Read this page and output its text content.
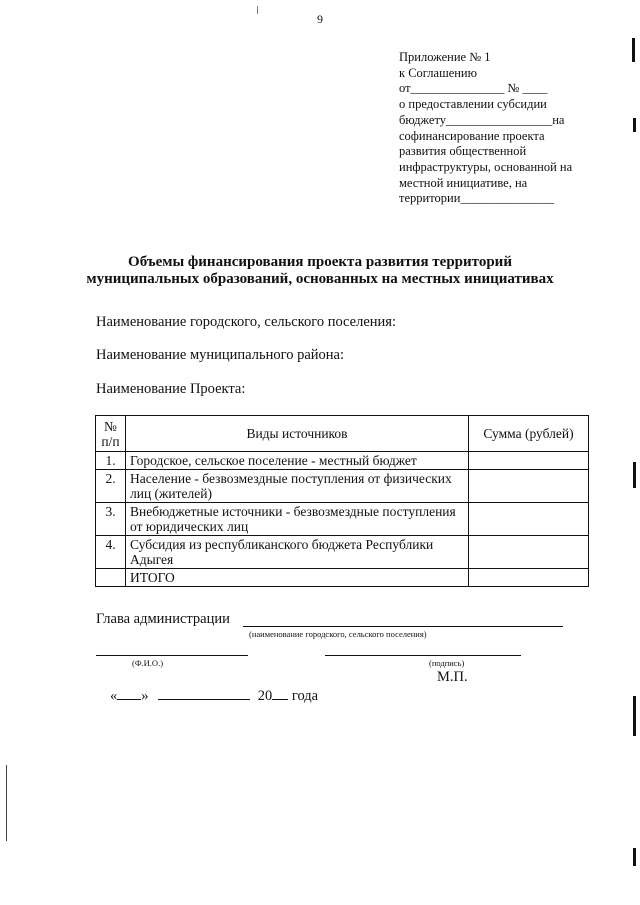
9
Приложение № 1
к Соглашению
от_______________ № ____
о предоставлении субсидии
бюджету_________________на
софинансирование проекта
развития общественной
инфраструктуры, основанной на
местной инициативе, на
территории_______________
Объемы финансирования проекта развития территорий
муниципальных образований, основанных на местных инициативах
Наименование городского, сельского поселения:
Наименование муниципального района:
Наименование Проекта:
№ п/п	Виды источников	Сумма (рублей)
1.	Городское, сельское поселение - местный бюджет	
2.	Население - безвозмездные поступления от физических лиц (жителей)	
3.	Внебюджетные источники - безвозмездные поступления от юридических лиц	
4.	Субсидия из республиканского бюджета Республики Адыгея	
	ИТОГО	
Глава администрации
(наименование городского, сельского поселения)
(Ф.И.О.)	(подпись)
М.П.
« »	20 года
